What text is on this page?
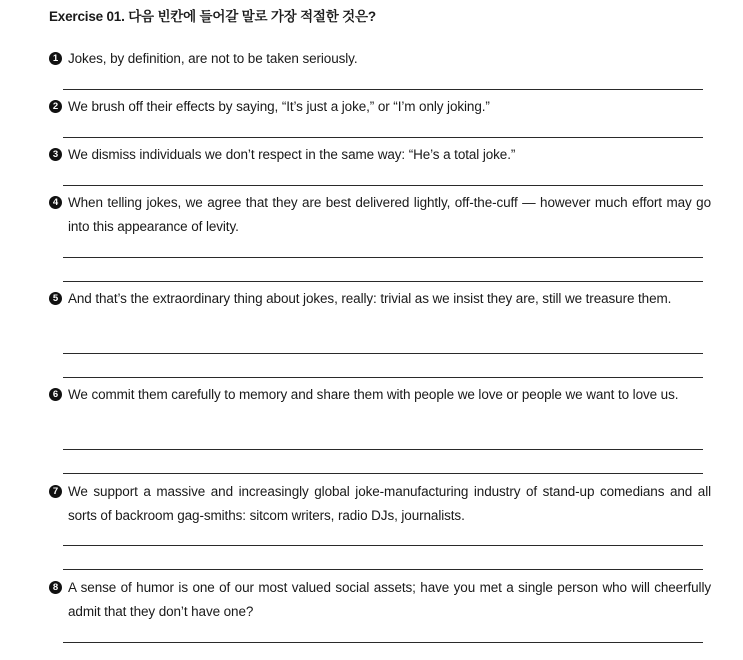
Exercise 01. 다음 빈칸에 들어갈 말로 가장 적절한 것은?
1 Jokes, by definition, are not to be taken seriously.
2 We brush off their effects by saying, “It’s just a joke,” or “I’m only joking.”
3 We dismiss individuals we don’t respect in the same way: “He’s a total joke.”
4 When telling jokes, we agree that they are best delivered lightly, off-the-cuff — however much effort may go into this appearance of levity.
5 And that’s the extraordinary thing about jokes, really: trivial as we insist they are, still we treasure them.
6 We commit them carefully to memory and share them with people we love or people we want to love us.
7 We support a massive and increasingly global joke-manufacturing industry of stand-up comedians and all sorts of backroom gag-smiths: sitcom writers, radio DJs, journalists.
8 A sense of humor is one of our most valued social assets; have you met a single person who will cheerfully admit that they don’t have one?
